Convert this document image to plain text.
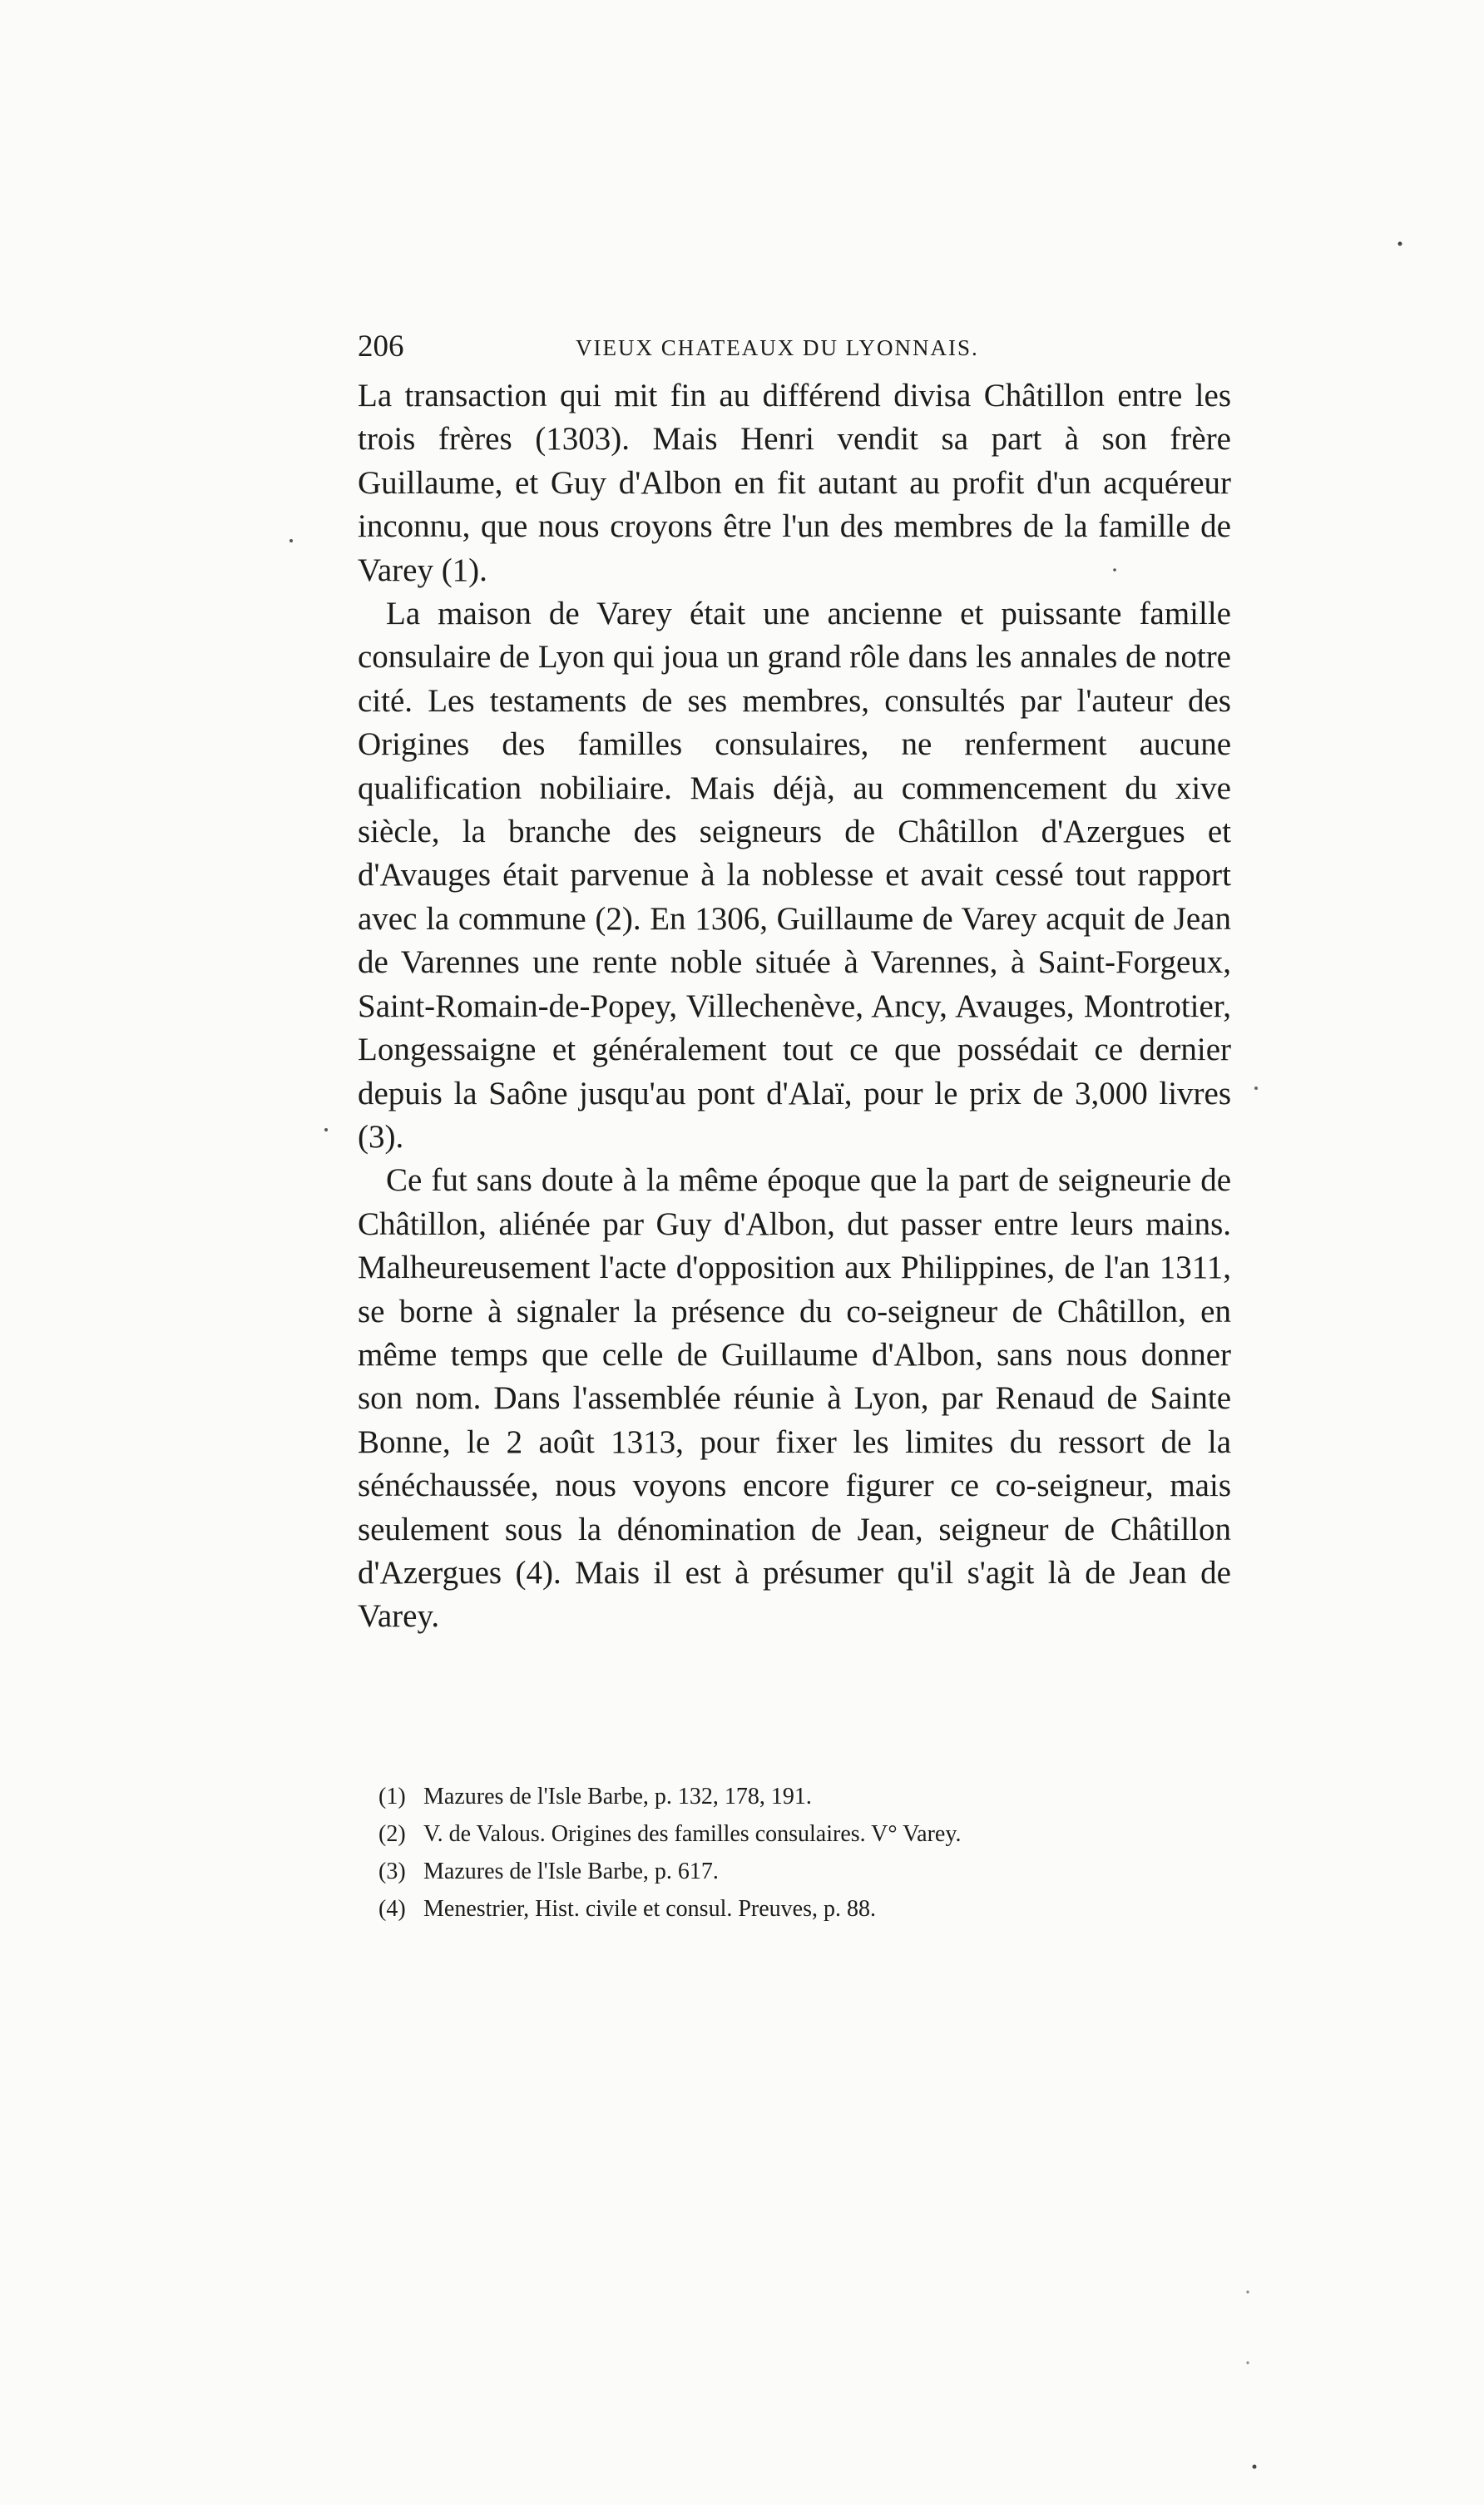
206	VIEUX CHATEAUX DU LYONNAIS.

La transaction qui mit fin au différend divisa Châtillon entre les trois frères (1303). Mais Henri vendit sa part à son frère Guillaume, et Guy d'Albon en fit autant au profit d'un acquéreur inconnu, que nous croyons être l'un des membres de la famille de Varey (1).

La maison de Varey était une ancienne et puissante famille consulaire de Lyon qui joua un grand rôle dans les annales de notre cité. Les testaments de ses membres, consultés par l'auteur des Origines des familles consulaires, ne renferment aucune qualification nobiliaire. Mais déjà, au commencement du xive siècle, la branche des seigneurs de Châtillon d'Azergues et d'Avauges était parvenue à la noblesse et avait cessé tout rapport avec la commune (2). En 1306, Guillaume de Varey acquit de Jean de Varennes une rente noble située à Varennes, à Saint-Forgeux, Saint-Romain-de-Popey, Villechenève, Ancy, Avauges, Montrotier, Longessaigne et généralement tout ce que possédait ce dernier depuis la Saône jusqu'au pont d'Alaï, pour le prix de 3,000 livres (3).

Ce fut sans doute à la même époque que la part de seigneurie de Châtillon, aliénée par Guy d'Albon, dut passer entre leurs mains. Malheureusement l'acte d'opposition aux Philippines, de l'an 1311, se borne à signaler la présence du co-seigneur de Châtillon, en même temps que celle de Guillaume d'Albon, sans nous donner son nom. Dans l'assemblée réunie à Lyon, par Renaud de Sainte Bonne, le 2 août 1313, pour fixer les limites du ressort de la sénéchaussée, nous voyons encore figurer ce co-seigneur, mais seulement sous la dénomination de Jean, seigneur de Châtillon d'Azergues (4). Mais il est à présumer qu'il s'agit là de Jean de Varey.

(1) Mazures de l'Isle Barbe, p. 132, 178, 191.

(2) V. de Valous. Origines des familles consulaires. V° Varey.

(3) Mazures de l'Isle Barbe, p. 617.

(4) Menestrier, Hist. civile et consul. Preuves, p. 88.
